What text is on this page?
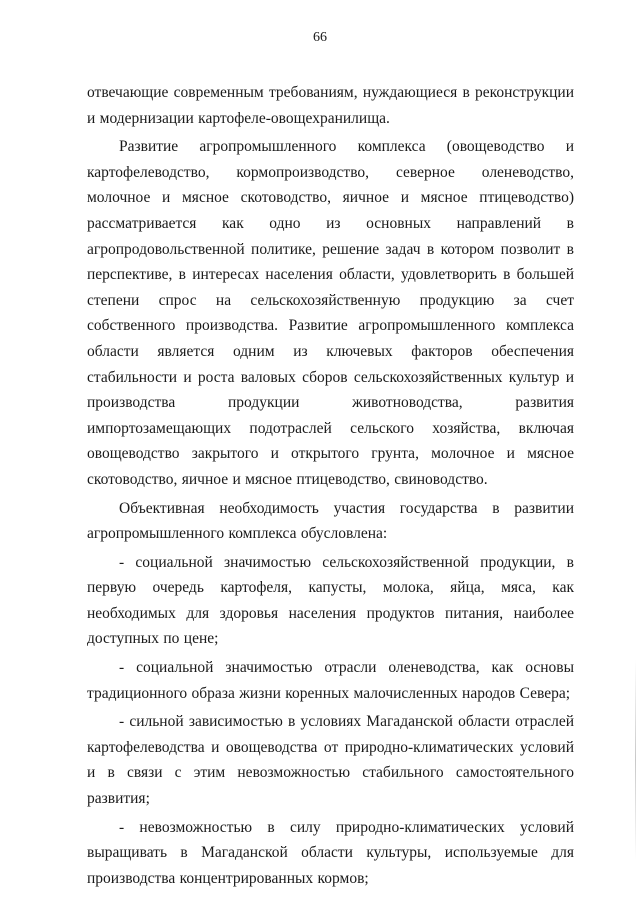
66

отвечающие современным требованиям, нуждающиеся в реконструкции и модернизации картофеле-овощехранилища.

Развитие агропромышленного комплекса (овощеводство и картофелеводство, кормопроизводство, северное оленеводство, молочное и мясное скотоводство, яичное и мясное птицеводство) рассматривается как одно из основных направлений в агропродовольственной политике, решение задач в котором позволит в перспективе, в интересах населения области, удовлетворить в большей степени спрос на сельскохозяйственную продукцию за счет собственного производства. Развитие агропромышленного комплекса области является одним из ключевых факторов обеспечения стабильности и роста валовых сборов сельскохозяйственных культур и производства продукции животноводства, развития импортозамещающих подотраслей сельского хозяйства, включая овощеводство закрытого и открытого грунта, молочное и мясное скотоводство, яичное и мясное птицеводство, свиноводство.

Объективная необходимость участия государства в развитии агропромышленного комплекса обусловлена:

- социальной значимостью сельскохозяйственной продукции, в первую очередь картофеля, капусты, молока, яйца, мяса, как необходимых для здоровья населения продуктов питания, наиболее доступных по цене;

- социальной значимостью отрасли оленеводства, как основы традиционного образа жизни коренных малочисленных народов Севера;

- сильной зависимостью в условиях Магаданской области отраслей картофелеводства и овощеводства от природно-климатических условий и в связи с этим невозможностью стабильного самостоятельного развития;

- невозможностью в силу природно-климатических условий выращивать в Магаданской области культуры, используемые для производства концентрированных кормов;
